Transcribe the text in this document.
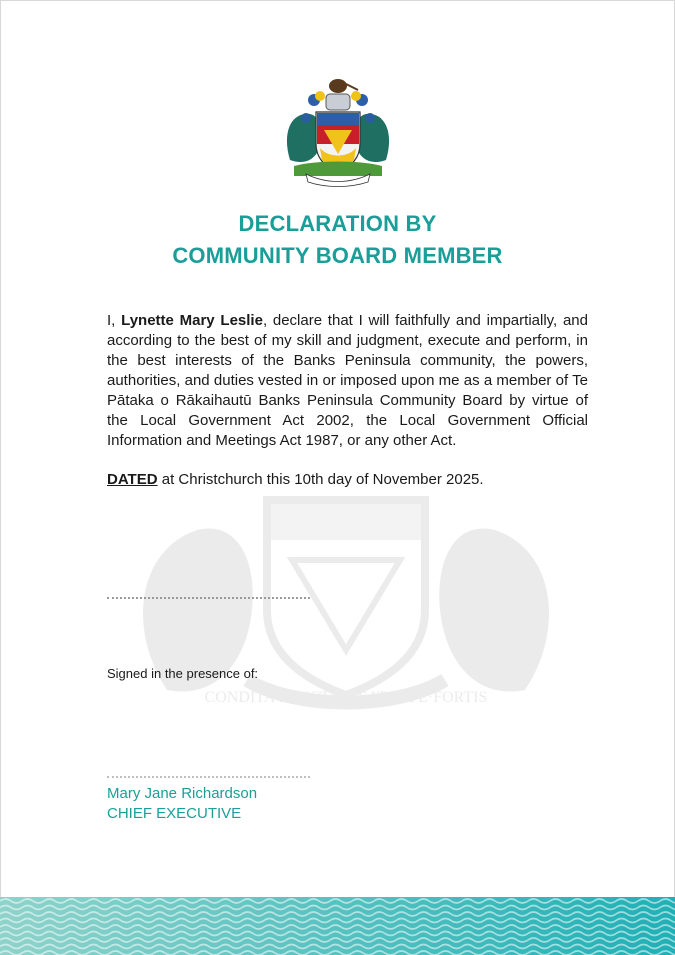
DECLARATION BY
COMMUNITY BOARD MEMBER
CONDITA FRUCTU·BEATA SPE·FORTIS
I, Lynette Mary Leslie, declare that I will faithfully and impartially, and according to the best of my skill and judgment, execute and perform, in the best interests of the Banks Peninsula community, the powers, authorities, and duties vested in or imposed upon me as a member of Te Pātaka o Rākaihautū Banks Peninsula Community Board by virtue of the Local Government Act 2002, the Local Government Official Information and Meetings Act 1987, or any other Act.
DATED at Christchurch this 10th day of November 2025.
Signed in the presence of:
Mary Jane Richardson
CHIEF EXECUTIVE
